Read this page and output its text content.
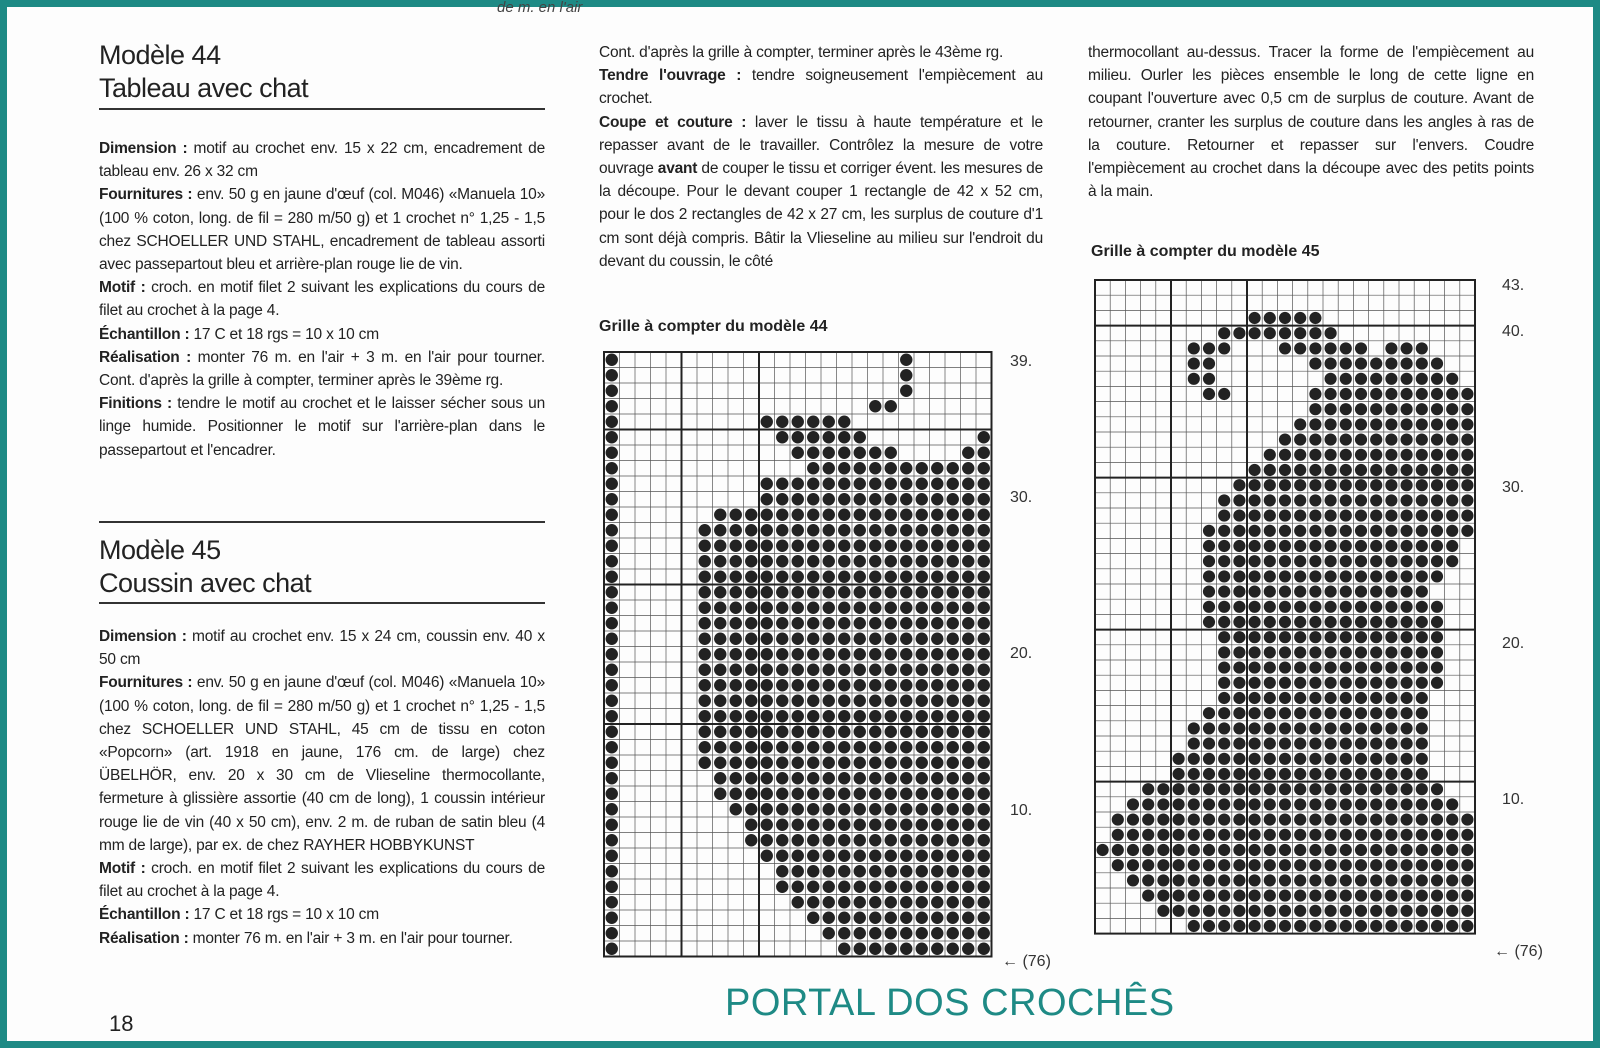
de m. en l'air
Modèle 44
Tableau avec chat

Dimension : motif au crochet env. 15 x 22 cm, encadrement de tableau env. 26 x 32 cm

Fournitures : env. 50 g en jaune d'œuf (col. M046) «Manuela 10» (100 % coton, long. de fil = 280 m/50 g) et 1 crochet n° 1,25 - 1,5 chez SCHOELLER UND STAHL, encadrement de tableau assorti avec passepartout bleu et arrière-plan rouge lie de vin.

Motif : croch. en motif filet 2 suivant les explications du cours de filet au crochet à la page 4.

Échantillon : 17 C et 18 rgs = 10 x 10 cm

Réalisation : monter 76 m. en l'air + 3 m. en l'air pour tourner. Cont. d'après la grille à compter, terminer après le 39ème rg.

Finitions : tendre le motif au crochet et le laisser sécher sous un linge humide. Positionner le motif sur l'arrière-plan dans le passepartout et l'encadrer.

Modèle 45
Coussin avec chat

Dimension : motif au crochet env. 15 x 24 cm, coussin env. 40 x 50 cm

Fournitures : env. 50 g en jaune d'œuf (col. M046) «Manuela 10» (100 % coton, long. de fil = 280 m/50 g) et 1 crochet n° 1,25 - 1,5 chez SCHOELLER UND STAHL, 45 cm de tissu en coton «Popcorn» (art. 1918 en jaune, 176 cm. de large) chez ÜBELHÖR, env. 20 x 30 cm de Vlieseline thermocollante, fermeture à glissière assortie (40 cm de long), 1 coussin intérieur rouge lie de vin (40 x 50 cm), env. 2 m. de ruban de satin bleu (4 mm de large), par ex. de chez RAYHER HOBBYKUNST

Motif : croch. en motif filet 2 suivant les explications du cours de filet au crochet à la page 4.

Échantillon : 17 C et 18 rgs = 10 x 10 cm

Réalisation : monter 76 m. en l'air + 3 m. en l'air pour tourner.

Cont. d'après la grille à compter, terminer après le 43ème rg.

Tendre l'ouvrage : tendre soigneusement l'empiècement au crochet.

Coupe et couture : laver le tissu à haute température et le repasser avant de le travailler. Contrôlez la mesure de votre ouvrage avant de couper le tissu et corriger évent. les mesures de la découpe. Pour le devant couper 1 rectangle de 42 x 52 cm, pour le dos 2 rectangles de 42 x 27 cm, les surplus de couture d'1 cm sont déjà compris. Bâtir la Vlieseline au milieu sur l'endroit du devant du coussin, le côté

thermocollant au-dessus. Tracer la forme de l'empiècement au milieu. Ourler les pièces ensemble le long de cette ligne en coupant l'ouverture avec 0,5 cm de surplus de couture. Avant de retourner, cranter les surplus de couture dans les angles à ras de la couture. Retourner et repasser sur l'envers. Coudre l'empiècement au crochet dans la découpe avec des petits points à la main.

Grille à compter du modèle 44
39.
30.
20.
10.
← (76)
Grille à compter du modèle 45
43.
40.
30.
20.
10.
← (76)
PORTAL DOS CROCHÊS
18
